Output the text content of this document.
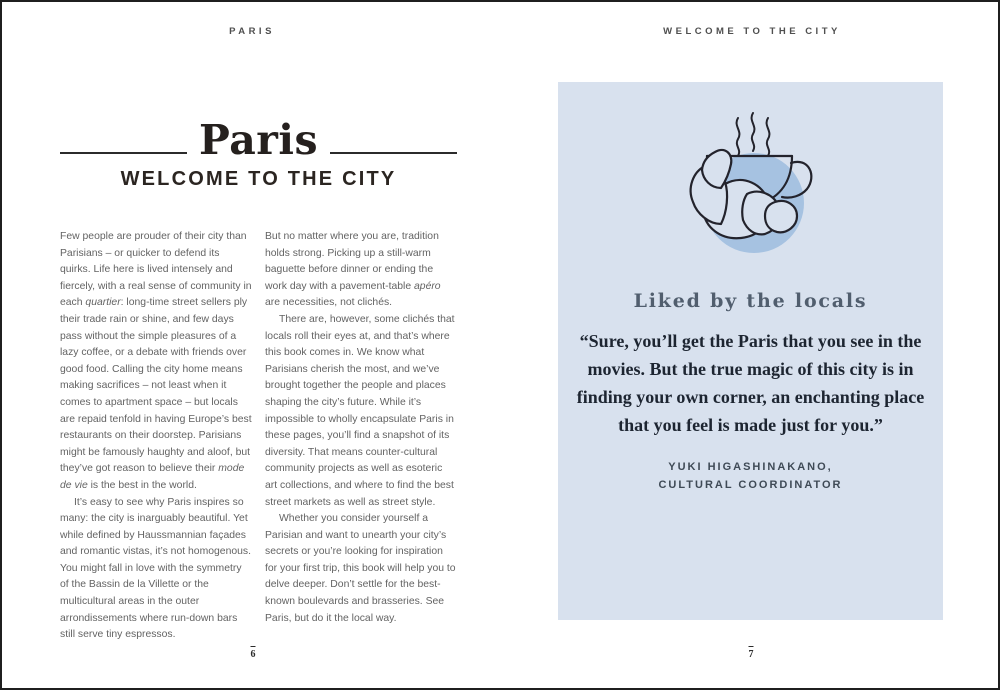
PARIS	WELCOME TO THE CITY
Paris
WELCOME TO THE CITY

Few people are prouder of their city than Parisians – or quicker to defend its quirks. Life here is lived intensely and fiercely, with a real sense of community in each quartier: long-time street sellers ply their trade rain or shine, and few days pass without the simple pleasures of a lazy coffee, or a debate with friends over good food. Calling the city home means making sacrifices – not least when it comes to apartment space – but locals are repaid tenfold in having Europe’s best restaurants on their doorstep. Parisians might be famously haughty and aloof, but they’ve got reason to believe their mode de vie is the best in the world.

It’s easy to see why Paris inspires so many: the city is inarguably beautiful. Yet while defined by Haussmannian façades and romantic vistas, it’s not homogenous. You might fall in love with the symmetry of the Bassin de la Villette or the multicultural areas in the outer arrondissements where run-down bars still serve tiny espressos.

But no matter where you are, tradition holds strong. Picking up a still-warm baguette before dinner or ending the work day with a pavement-table apéro are necessities, not clichés.

There are, however, some clichés that locals roll their eyes at, and that’s where this book comes in. We know what Parisians cherish the most, and we’ve brought together the people and places shaping the city’s future. While it’s impossible to wholly encapsulate Paris in these pages, you’ll find a snapshot of its diversity. That means counter-cultural community projects as well as esoteric art collections, and where to find the best street markets as well as street style.

Whether you consider yourself a Parisian and want to unearth your city’s secrets or you’re looking for inspiration for your first trip, this book will help you to delve deeper. Don’t settle for the best-known boulevards and brasseries. See Paris, but do it the local way.

6
Liked by the locals
“Sure, you’ll get the Paris that you see in the movies. But the true magic of this city is in finding your own corner, an enchanting place that you feel is made just for you.”
YUKI HIGASHINAKANO,
CULTURAL COORDINATOR
7
